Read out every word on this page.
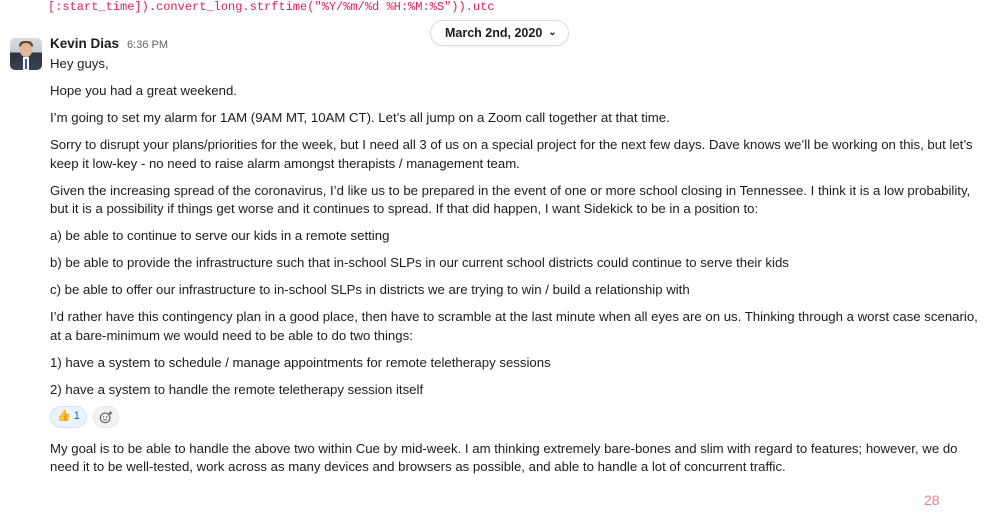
[:start_time]).convert_long.strftime("%Y/%m/%d %H:%M:%S")).utc
March 2nd, 2020 ⌄
Kevin Dias 6:36 PM

Hey guys,

Hope you had a great weekend.

I’m going to set my alarm for 1AM (9AM MT, 10AM CT). Let’s all jump on a Zoom call together at that time.

Sorry to disrupt your plans/priorities for the week, but I need all 3 of us on a special project for the next few days. Dave knows we’ll be working on this, but let’s keep it low-key - no need to raise alarm amongst therapists / management team.

Given the increasing spread of the coronavirus, I’d like us to be prepared in the event of one or more school closing in Tennessee. I think it is a low probability, but it is a possibility if things get worse and it continues to spread. If that did happen, I want Sidekick to be in a position to:

a) be able to continue to serve our kids in a remote setting

b) be able to provide the infrastructure such that in-school SLPs in our current school districts could continue to serve their kids

c) be able to offer our infrastructure to in-school SLPs in districts we are trying to win / build a relationship with

I’d rather have this contingency plan in a good place, then have to scramble at the last minute when all eyes are on us. Thinking through a worst case scenario, at a bare-minimum we would need to be able to do two things:

1) have a system to schedule / manage appointments for remote teletherapy sessions

2) have a system to handle the remote teletherapy session itself

👍 1

My goal is to be able to handle the above two within Cue by mid-week. I am thinking extremely bare-bones and slim with regard to features; however, we do need it to be well-tested, work across as many devices and browsers as possible, and able to handle a lot of concurrent traffic.

28
